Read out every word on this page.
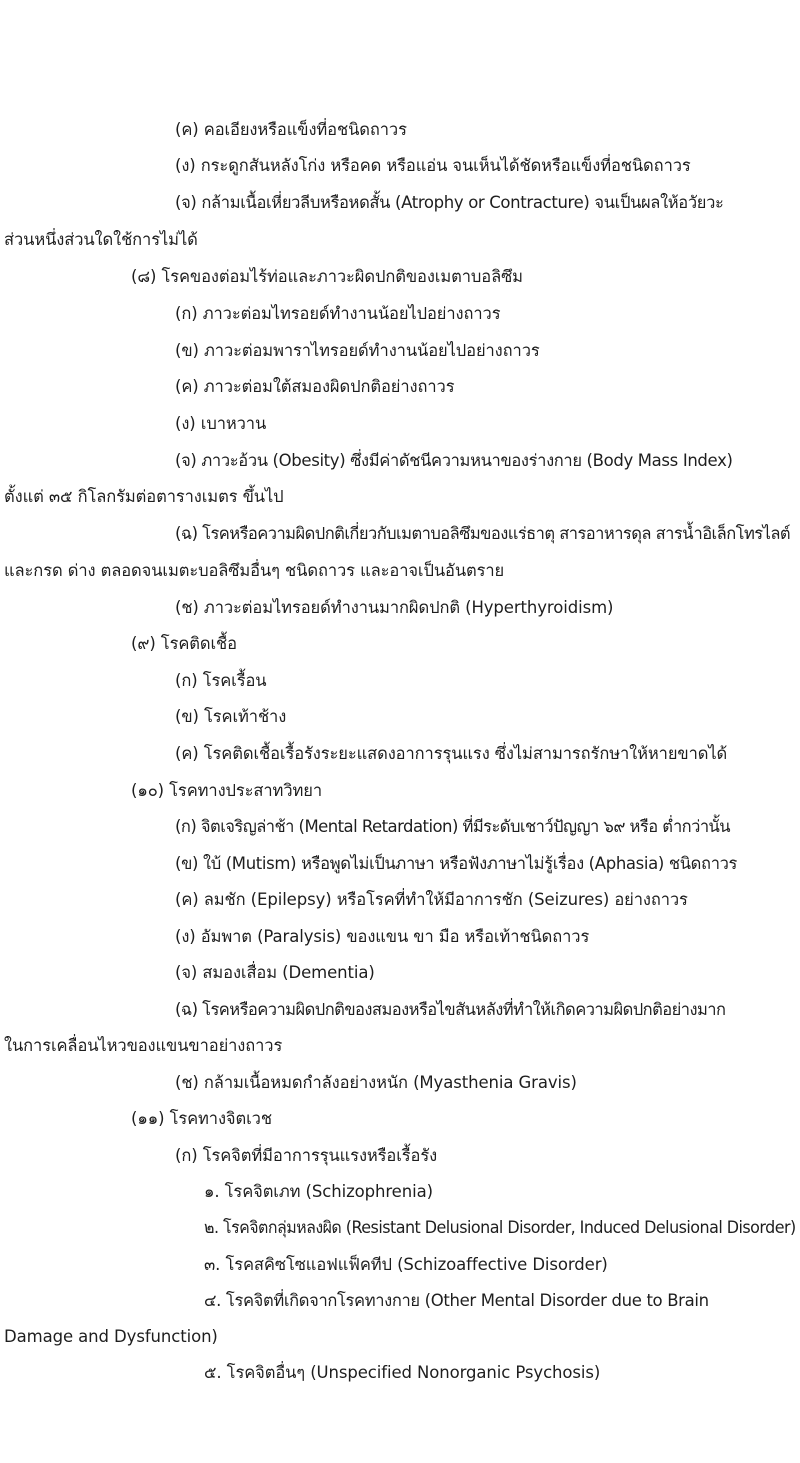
(ค) คอเอียงหรือแข็งที่อชนิดถาวร
(ง) กระดูกสันหลังโก่ง หรือคด หรือแอ่น จนเห็นได้ชัดหรือแข็งที่อชนิดถาวร
(จ) กล้ามเนื้อเหี่ยวลีบหรือหดสั้น (Atrophy or Contracture) จนเป็นผลให้อวัยวะ
ส่วนหนึ่งส่วนใดใช้การไม่ได้
(๘) โรคของต่อมไร้ท่อและภาวะผิดปกติของเมตาบอลิซึม
(ก) ภาวะต่อมไทรอยด์ทำงานน้อยไปอย่างถาวร
(ข) ภาวะต่อมพาราไทรอยด์ทำงานน้อยไปอย่างถาวร
(ค) ภาวะต่อมใต้สมองผิดปกติอย่างถาวร
(ง) เบาหวาน
(จ) ภาวะอ้วน (Obesity) ซึ่งมีค่าดัชนีความหนาของร่างกาย (Body Mass Index)
ตั้งแต่ ๓๕ กิโลกรัมต่อตารางเมตร ขึ้นไป
(ฉ) โรคหรือความผิดปกติเกี่ยวกับเมตาบอลิซึมของแร่ธาตุ สารอาหารดุล สารน้ำอิเล็กโทรไลต์
และกรด ด่าง ตลอดจนเมตะบอลิซึมอื่นๆ ชนิดถาวร และอาจเป็นอันตราย
(ช) ภาวะต่อมไทรอยด์ทำงานมากผิดปกติ (Hyperthyroidism)
(๙) โรคติดเชื้อ
(ก) โรคเรื้อน
(ข) โรคเท้าช้าง
(ค) โรคติดเชื้อเรื้อรังระยะแสดงอาการรุนแรง ซึ่งไม่สามารถรักษาให้หายขาดได้
(๑๐) โรคทางประสาทวิทยา
(ก) จิตเจริญล่าช้า (Mental Retardation) ที่มีระดับเชาว์ปัญญา ๖๙ หรือ ต่ำกว่านั้น
(ข) ใบ้ (Mutism) หรือพูดไม่เป็นภาษา หรือฟังภาษาไม่รู้เรื่อง (Aphasia) ชนิดถาวร
(ค) ลมชัก (Epilepsy) หรือโรคที่ทำให้มีอาการชัก (Seizures) อย่างถาวร
(ง) อัมพาต (Paralysis) ของแขน ขา มือ หรือเท้าชนิดถาวร
(จ) สมองเสื่อม (Dementia)
(ฉ) โรคหรือความผิดปกติของสมองหรือไขสันหลังที่ทำให้เกิดความผิดปกติอย่างมาก
ในการเคลื่อนไหวของแขนขาอย่างถาวร
(ช) กล้ามเนื้อหมดกำลังอย่างหนัก (Myasthenia Gravis)
(๑๑) โรคทางจิตเวช
(ก) โรคจิตที่มีอาการรุนแรงหรือเรื้อรัง
๑. โรคจิตเภท (Schizophrenia)
๒. โรคจิตกลุ่มหลงผิด (Resistant Delusional Disorder, Induced Delusional Disorder)
๓. โรคสคิซโซแอฟแฟ็คทีป (Schizoaffective Disorder)
๔. โรคจิตที่เกิดจากโรคทางกาย (Other Mental Disorder due to Brain
Damage and Dysfunction)
๕. โรคจิตอื่นๆ (Unspecified Nonorganic Psychosis)
